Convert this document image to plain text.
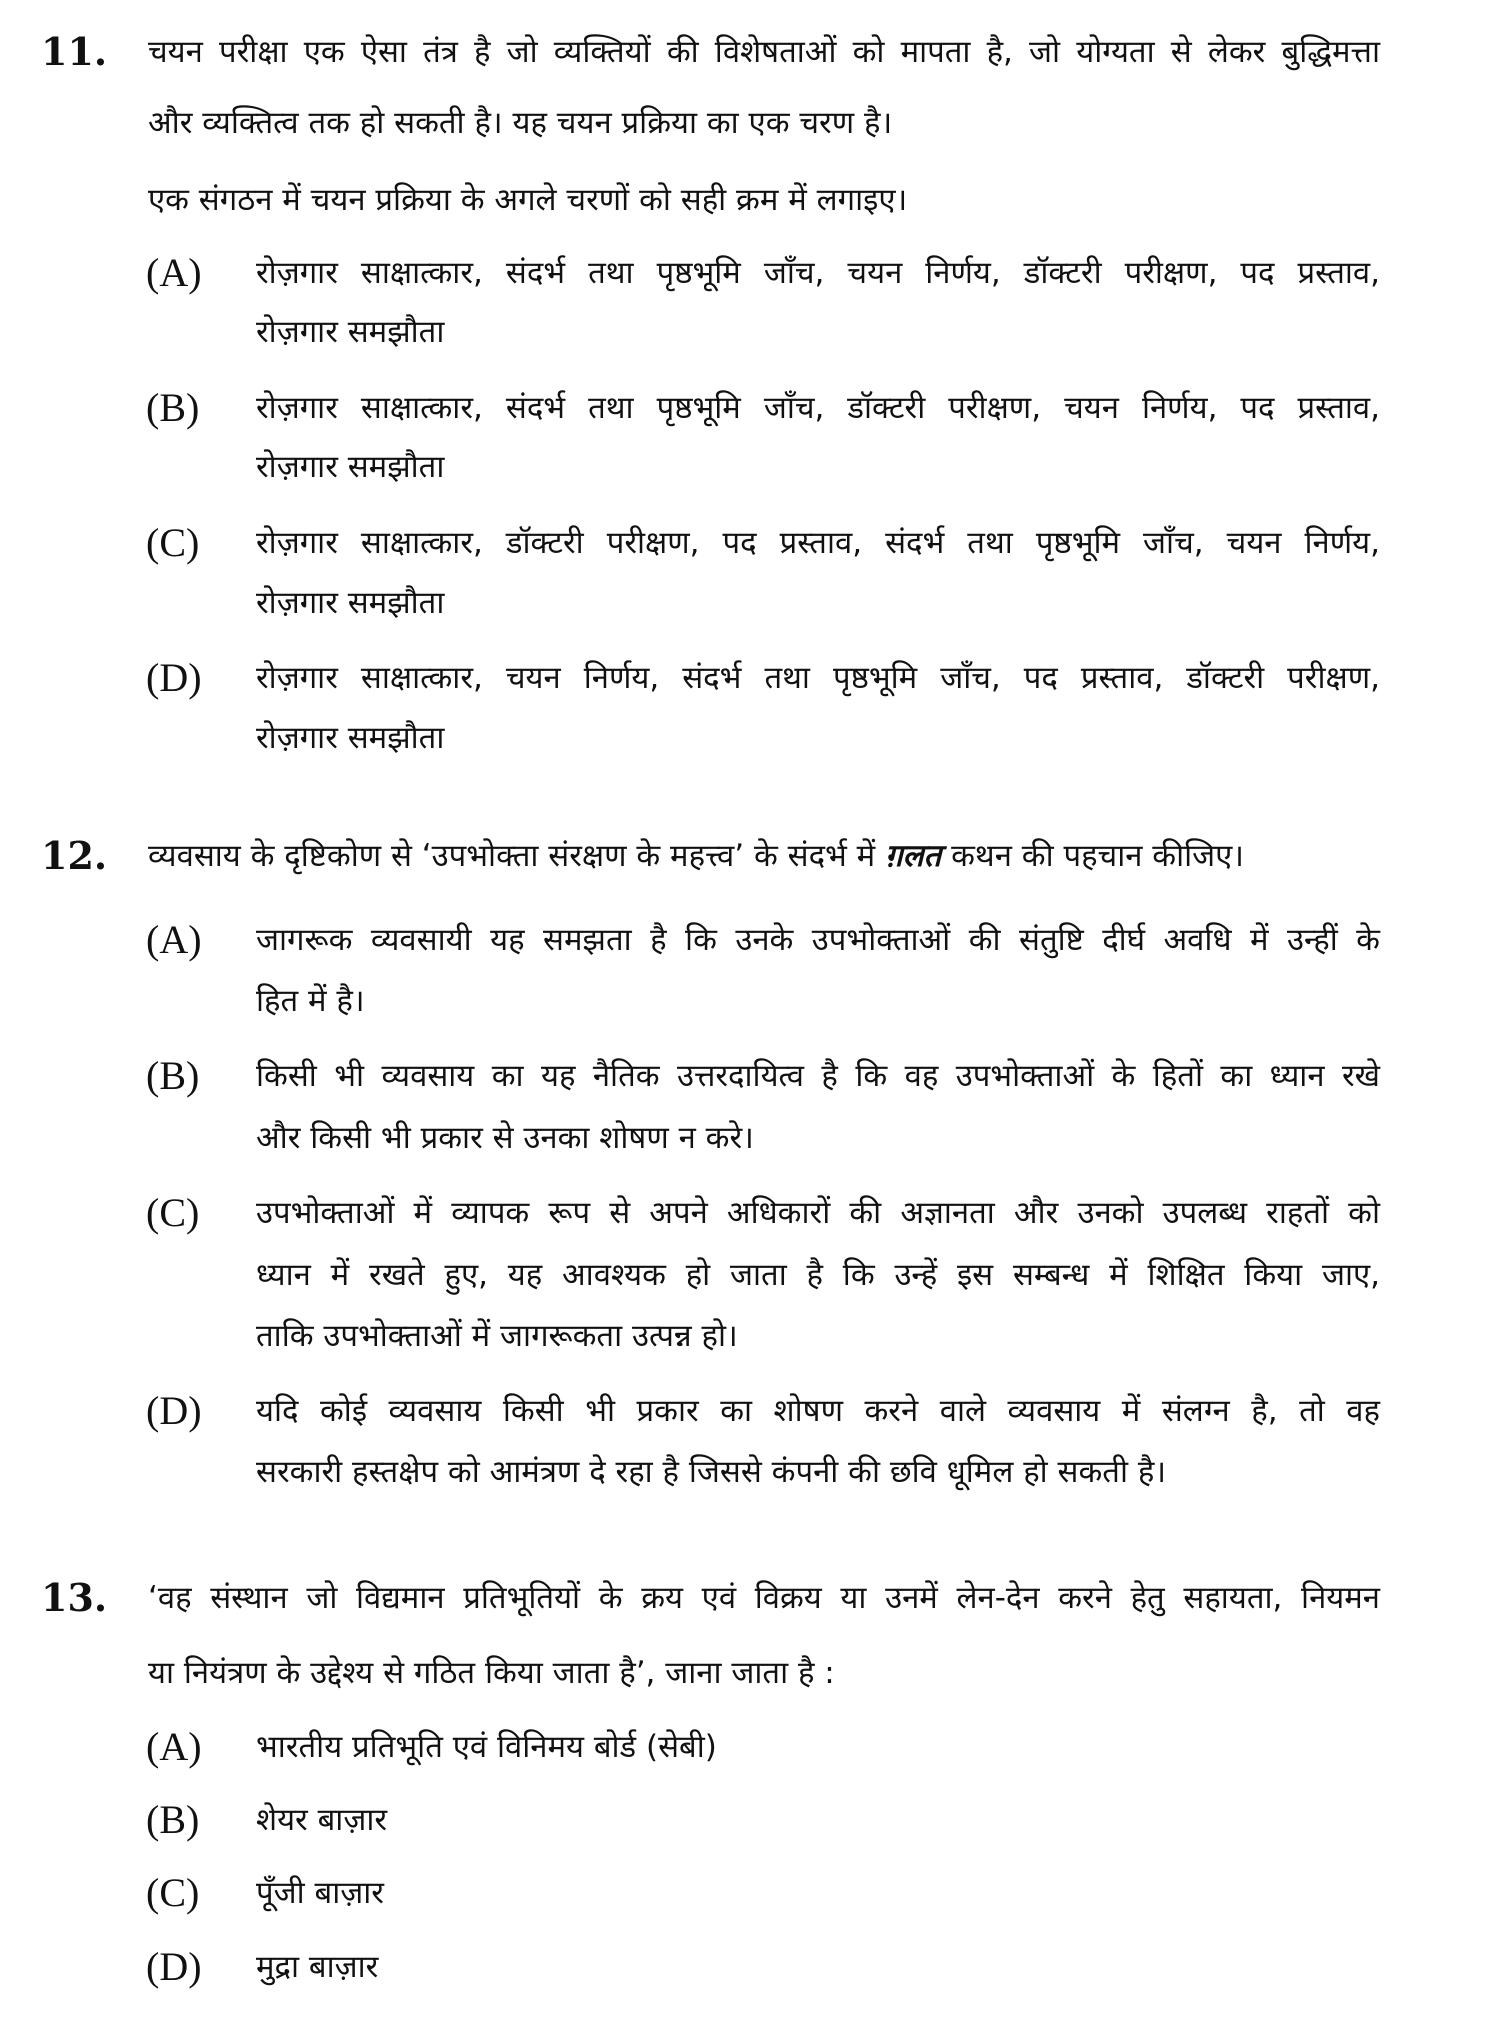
11.	चयन परीक्षा एक ऐसा तंत्र है जो व्यक्तियों की विशेषताओं को मापता है, जो योग्यता से लेकर बुद्धिमत्ता
और व्यक्तित्व तक हो सकती है। यह चयन प्रक्रिया का एक चरण है।
एक संगठन में चयन प्रक्रिया के अगले चरणों को सही क्रम में लगाइए।
(A)	रोज़गार साक्षात्कार, संदर्भ तथा पृष्ठभूमि जाँच, चयन निर्णय, डॉक्टरी परीक्षण, पद प्रस्ताव,
रोज़गार समझौता
(B)	रोज़गार साक्षात्कार, संदर्भ तथा पृष्ठभूमि जाँच, डॉक्टरी परीक्षण, चयन निर्णय, पद प्रस्ताव,
रोज़गार समझौता
(C)	रोज़गार साक्षात्कार, डॉक्टरी परीक्षण, पद प्रस्ताव, संदर्भ तथा पृष्ठभूमि जाँच, चयन निर्णय,
रोज़गार समझौता
(D)	रोज़गार साक्षात्कार, चयन निर्णय, संदर्भ तथा पृष्ठभूमि जाँच, पद प्रस्ताव, डॉक्टरी परीक्षण,
रोज़गार समझौता
12.	व्यवसाय के दृष्टिकोण से ‘उपभोक्ता संरक्षण के महत्त्व’ के संदर्भ में ग़लत कथन की पहचान कीजिए।
(A)	जागरूक व्यवसायी यह समझता है कि उनके उपभोक्ताओं की संतुष्टि दीर्घ अवधि में उन्हीं के
हित में है।
(B)	किसी भी व्यवसाय का यह नैतिक उत्तरदायित्व है कि वह उपभोक्ताओं के हितों का ध्यान रखे
और किसी भी प्रकार से उनका शोषण न करे।
(C)	उपभोक्ताओं में व्यापक रूप से अपने अधिकारों की अज्ञानता और उनको उपलब्ध राहतों को
ध्यान में रखते हुए, यह आवश्यक हो जाता है कि उन्हें इस सम्बन्ध में शिक्षित किया जाए,
ताकि उपभोक्ताओं में जागरूकता उत्पन्न हो।
(D)	यदि कोई व्यवसाय किसी भी प्रकार का शोषण करने वाले व्यवसाय में संलग्न है, तो वह
सरकारी हस्तक्षेप को आमंत्रण दे रहा है जिससे कंपनी की छवि धूमिल हो सकती है।
13.	‘वह संस्थान जो विद्यमान प्रतिभूतियों के क्रय एवं विक्रय या उनमें लेन-देन करने हेतु सहायता, नियमन
या नियंत्रण के उद्देश्य से गठित किया जाता है’, जाना जाता है :
(A)	भारतीय प्रतिभूति एवं विनिमय बोर्ड (सेबी)
(B)	शेयर बाज़ार
(C)	पूँजी बाज़ार
(D)	मुद्रा बाज़ार
